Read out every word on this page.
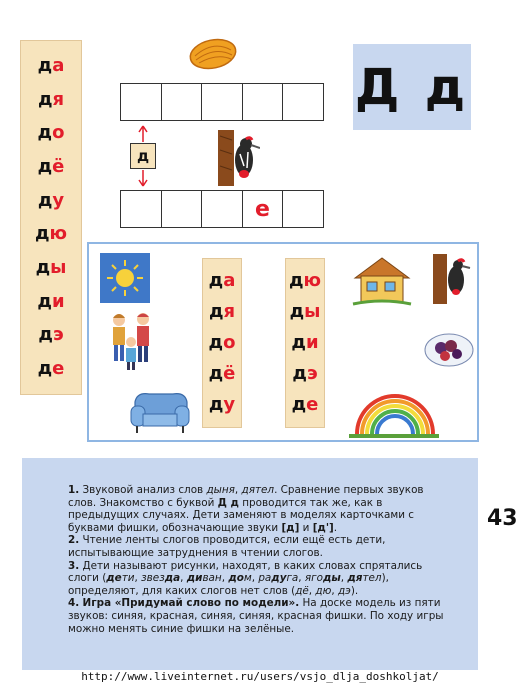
да
дя
до
дё
ду
дю
ды
ди
дэ
де
Д д
д
е
да
дя
до
дё
ду
дю
ды
ди
дэ
де

1. Звуковой анализ слов дыня, дятел. Сравнение первых звуков слов. Знакомство с буквой Д д проводится так же, как в предыдущих случаях. Дети заменяют в моделях карточками с буквами фишки, обозначающие звуки [д] и [д'].

2. Чтение ленты слогов проводится, если ещё есть дети, испытывающие затруднения в чтении слогов.

3. Дети называют рисунки, находят, в каких словах спрятались слоги (дети, звезда, диван, дом, радуга, ягоды, дятел), определяют, для каких слогов нет слов (дё, дю, дэ).

4. Игра «Придумай слово по модели». На доске модель из пяти звуков: синяя, красная, синяя, синяя, красная фишки. По ходу игры можно менять синие фишки на зелёные.

43
http://www.liveinternet.ru/users/vsjo_dlja_doshkoljat/
